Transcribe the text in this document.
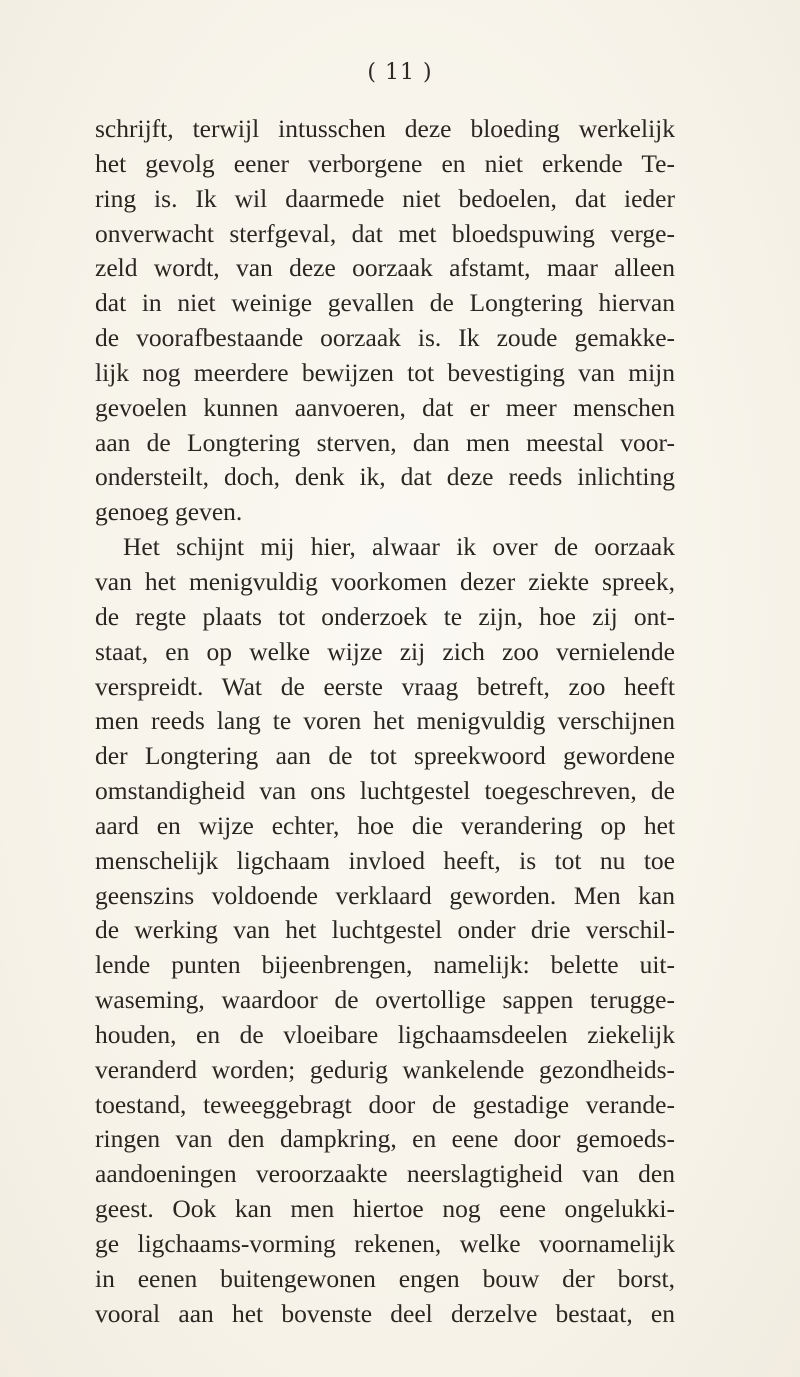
( 11 )
schrijft, terwijl intusschen deze bloeding werkelijk
het gevolg eener verborgene en niet erkende Te-
ring is. Ik wil daarmede niet bedoelen, dat ieder
onverwacht sterfgeval, dat met bloedspuwing verge-
zeld wordt, van deze oorzaak afstamt, maar alleen
dat in niet weinige gevallen de Longtering hiervan
de voorafbestaande oorzaak is. Ik zoude gemakke-
lijk nog meerdere bewijzen tot bevestiging van mijn
gevoelen kunnen aanvoeren, dat er meer menschen
aan de Longtering sterven, dan men meestal voor-
ondersteilt, doch, denk ik, dat deze reeds inlichting
genoeg geven.
Het schijnt mij hier, alwaar ik over de oorzaak
van het menigvuldig voorkomen dezer ziekte spreek,
de regte plaats tot onderzoek te zijn, hoe zij ont-
staat, en op welke wijze zij zich zoo vernielende
verspreidt. Wat de eerste vraag betreft, zoo heeft
men reeds lang te voren het menigvuldig verschijnen
der Longtering aan de tot spreekwoord gewordene
omstandigheid van ons luchtgestel toegeschreven, de
aard en wijze echter, hoe die verandering op het
menschelijk ligchaam invloed heeft, is tot nu toe
geenszins voldoende verklaard geworden. Men kan
de werking van het luchtgestel onder drie verschil-
lende punten bijeenbrengen, namelijk: belette uit-
waseming, waardoor de overtollige sappen terugge-
houden, en de vloeibare ligchaamsdeelen ziekelijk
veranderd worden; gedurig wankelende gezondheids-
toestand, teweeggebragt door de gestadige verande-
ringen van den dampkring, en eene door gemoeds-
aandoeningen veroorzaakte neerslagtigheid van den
geest. Ook kan men hiertoe nog eene ongelukki-
ge ligchaams-vorming rekenen, welke voornamelijk
in eenen buitengewonen engen bouw der borst,
vooral aan het bovenste deel derzelve bestaat, en
